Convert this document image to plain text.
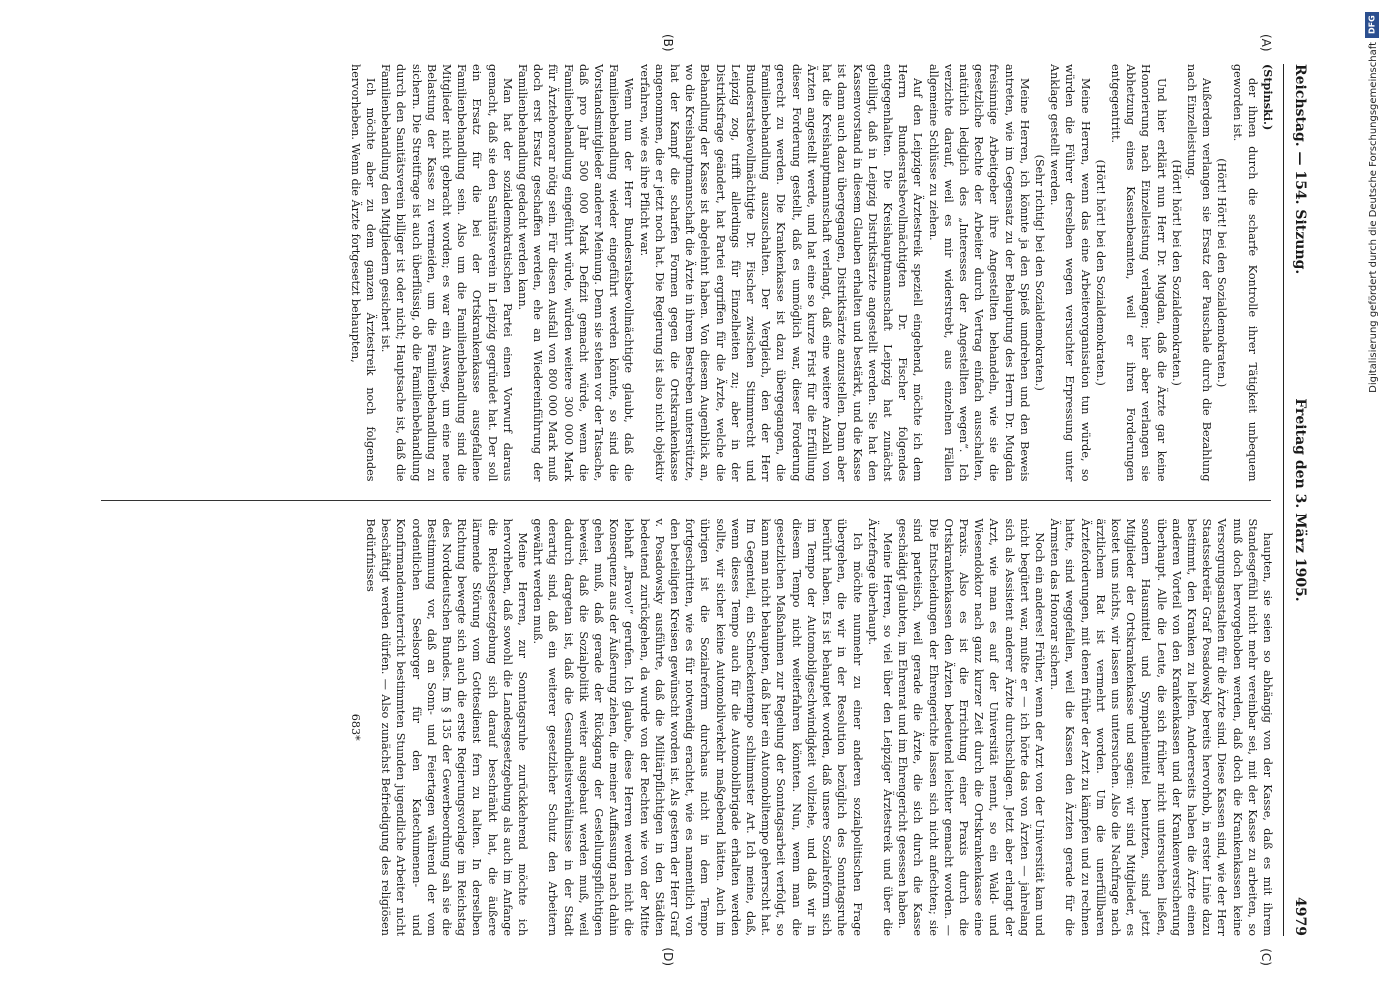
Reichstag. — 154. Sitzung.
Freitag den 3. März 1905.
4979
(A)
(B)

(Stpinski.)

der ihnen durch die scharfe Kontrolle ihrer Tätigkeit unbequem geworden ist.

(Hört! Hört! bei den Sozialdemokraten.)

Außerdem verlangen sie Ersatz der Pauschale durch die Bezahlung nach Einzelleistung.

(Hört! hört! bei den Sozialdemokraten.)

Und hier erklärt nun Herr Dr. Mugdan, daß die Ärzte gar keine Honorierung nach Einzelleistung verlangen; hier aber verlangen sie Abhetzung eines Kassenbeamten, weil er ihren Forderungen entgegentritt.

(Hört! hört! bei den Sozialdemokraten.)

Meine Herren, wenn das eine Arbeiterorganisation tun würde, so würden die Führer derselben wegen versuchter Erpressung unter Anklage gestellt werden.

(Sehr richtig! bei den Sozialdemokraten.)

Meine Herren, ich könnte ja den Spieß umdrehen und den Beweis antreten, wie im Gegensatz zu der Behauptung des Herrn Dr. Mugdan freisinnige Arbeitgeber ihre Angestellten behandeln, wie sie die gesetzliche Rechte der Arbeiter durch Vertrag einfach ausschalten, natürlich lediglich des „Interesses der Angestellten wegen“. Ich verzichte darauf, weil es mir widerstrebt, aus einzelnen Fällen allgemeine Schlüsse zu ziehen.

Auf den Leipziger Ärztestreik speziell eingehend, möchte ich dem Herrn Bundesratsbevollmächtigten Dr. Fischer folgendes entgegenhalten. Die Kreishauptmannschaft Leipzig hat zunächst gebilligt, daß in Leipzig Distriktsärzte angestellt werden. Sie hat den Kassenvorstand in diesem Glauben erhalten und bestärkt, und die Kasse ist dann auch dazu übergegangen, Distriktsärzte anzustellen. Dann aber hat die Kreishauptmannschaft verlangt, daß eine weitere Anzahl von Ärzten angestellt werde, und hat eine so kurze Frist für die Erfüllung dieser Forderung gestellt, daß es unmöglich war, dieser Forderung gerecht zu werden. Die Krankenkasse ist dazu übergegangen, die Familienbehandlung auszuschalten. Der Vergleich, den der Herr Bundesratsbevollmächtigte Dr. Fischer zwischen Stimmrecht und Leipzig zog, trifft allerdings für Einzelheiten zu; aber in der Distriktsfrage geändert, hat Partei ergriffen für die Ärzte, welche die Behandlung der Kasse ist abgelehnt haben. Von diesem Augenblick an, wo die Kreishauptmannschaft die Ärzte in ihrem Bestreben unterstützte, hat der Kampf die scharfen Formen gegen die Ortskrankenkasse angenommen, die er jetzt noch hat. Die Regierung ist also nicht objektiv verfahren, wie es ihre Pflicht war.

Wenn nun der Herr Bundesratsbevollmächtigte glaubt, daß die Familienbehandlung wieder eingeführt werden könnte, so sind die Vorstandsmitglieder anderer Meinung. Denn sie stehen vor der Tatsache, daß pro Jahr 500 000 Mark Defizit gemacht würde, wenn die Familienbehandlung eingeführt würde, würden weitere 300 000 Mark für Ärztehonorar nötig sein. Für diesen Ausfall von 800 000 Mark muß doch erst Ersatz geschaffen werden, ehe an Wiedereinführung der Familienbehandlung gedacht werden kann.

Man hat der sozialdemokratischen Partei einen Vorwurf daraus gemacht, daß sie den Sanitätsverein in Leipzig gegründet hat. Der soll ein Ersatz für die bei der Ortskrankenkasse ausgefallene Familienbehandlung sein. Also um die Familienbehandlung sind die Mitglieder nicht gebracht worden; es war ein Ausweg, um eine neue Belastung der Kasse zu vermeiden, um die Familienbehandlung zu sichern. Die Streitfrage ist auch überflüssig, ob die Familienbehandlung durch den Sanitätsverein billiger ist oder nicht; Hauptsache ist, daß die Familienbehandlung den Mitgliedern gesichert ist.

Ich möchte aber zu dem ganzen Ärztestreik noch folgendes hervorheben. Wenn die Ärzte fortgesetzt behaupten,

(C)
(D)

haupten, sie seien so abhängig von der Kasse, daß es mit ihrem Standesgefühl nicht mehr vereinbar sei, mit der Kasse zu arbeiten, so muß doch hervorgehoben werden, daß doch die Krankenkassen keine Versorgungsanstalten für die Ärzte sind. Diese Kassen sind, wie der Herr Staatssekretär Graf Posadowsky bereits hervorhob, in erster Linie dazu bestimmt, den Kranken zu helfen. Andererseits haben die Ärzte einen anderen Vorteil von den Krankenkassen und der Krankenversicherung überhaupt. Alle die Leute, die sich früher nicht untersuchen ließen, sondern Hausmittel und Sympathiemittel benutzten, sind jetzt Mitglieder der Ortskrankenkasse und sagen: wir sind Mitglieder, es kostet uns nichts, wir lassen uns untersuchen. Also die Nachfrage nach ärztlichem Rat ist vermehrt worden. Um die unerfüllbaren Ärzteforderungen, mit denen früher der Arzt zu kämpfen und zu rechnen hatte, sind weggefallen, weil die Kassen den Ärzten gerade für die Ärmsten das Honorar sichern.

Noch ein anderes! Früher, wenn der Arzt von der Universität kam und nicht begütert war, mußte er — ich hörte das von Ärzten — jahrelang sich als Assistent anderer Ärzte durchschlagen. Jetzt aber erlangt der Arzt, wie man es auf der Universität nennt, so ein Wald- und Wiesendoktor nach ganz kurzer Zeit durch die Ortskrankenkasse eine Praxis. Also es ist die Errichtung einer Praxis durch die Ortskrankenkassen den Ärzten bedeutend leichter gemacht worden. — Die Entscheidungen der Ehrengerichte lassen sich nicht anfechten; sie sind parteiisch, weil gerade die Ärzte, die sich durch die Kasse geschädigt glaubten, im Ehrenrat und im Ehrengericht gesessen haben.

Meine Herren, so viel über den Leipziger Ärztestreik und über die Ärztefrage überhaupt.

Ich möchte nunmehr zu einer anderen sozialpolitischen Frage übergehen, die wir in der Resolution bezüglich des Sonntagsruhe berührt haben. Es ist behauptet worden, daß unsere Sozialreform sich im Tempo der Automobilgeschwindigkeit vollziehe, und daß wir in diesem Tempo nicht weiterfahren könnten. Nun, wenn man die gesetzlichen Maßnahmen zur Regelung der Sonntagsarbeit verfolgt, so kann man nicht behaupten, daß hier ein Automobiltempo geherrscht hat. Im Gegenteil, ein Schneckentempo schlimmster Art. Ich meine, daß, wenn dieses Tempo auch für die Automobilbrigade erhalten werden sollte, wir sicher keine Automobilverkehr maßgebend hätten. Auch im übrigen ist die Sozialreform durchaus nicht in dem Tempo fortgeschritten, wie es für notwendig erachtet, wie es namentlich von den beteiligten Kreisen gewünscht worden ist. Als gestern der Herr Graf v. Posadowsky ausführte, daß die Militärpflichtigen in den Städten bedeutend zurückgehen, da wurde von der Rechten wie von der Mitte lebhaft „Bravo!“ gerufen. Ich glaube, diese Herren werden nicht die Konsequenz aus der Äußerung ziehen, die meiner Auffassung nach dahin gehen muß, daß gerade der Rückgang der Gestellungspflichtigen beweist, daß die Sozialpolitik weiter ausgebaut werden muß, weil dadurch dargetan ist, daß die Gesundheitsverhältnisse in der Stadt derartig sind, daß ein weiterer gesetzlicher Schutz den Arbeitern gewährt werden muß.

Meine Herren, zur Sonntagsruhe zurückkehrend möchte ich hervorheben, daß sowohl die Landesgesetzgebung als auch im Anfange die Reichsgesetzgebung sich darauf beschränkt hat, die äußere lärmende Störung vom Gottesdienst fern zu halten. In derselben Richtung bewegte sich auch die erste Regierungsvorlage im Reichstag des Norddeutschen Bundes. Im § 135 der Gewerbeordnung sah sie die Bestimmung vor, daß an Sonn- und Feiertagen während der vom ordentlichen Seelsorger für den Katechumenen- und Konfirmandenunterricht bestimmten Stunden jugendliche Arbeiter nicht beschäftigt werden dürfen. — Also zunächst Befriedigung des religiösen Bedürfnisses

683*

DFG
Digitalisierung gefördert durch die Deutsche Forschungsgemeinschaft
